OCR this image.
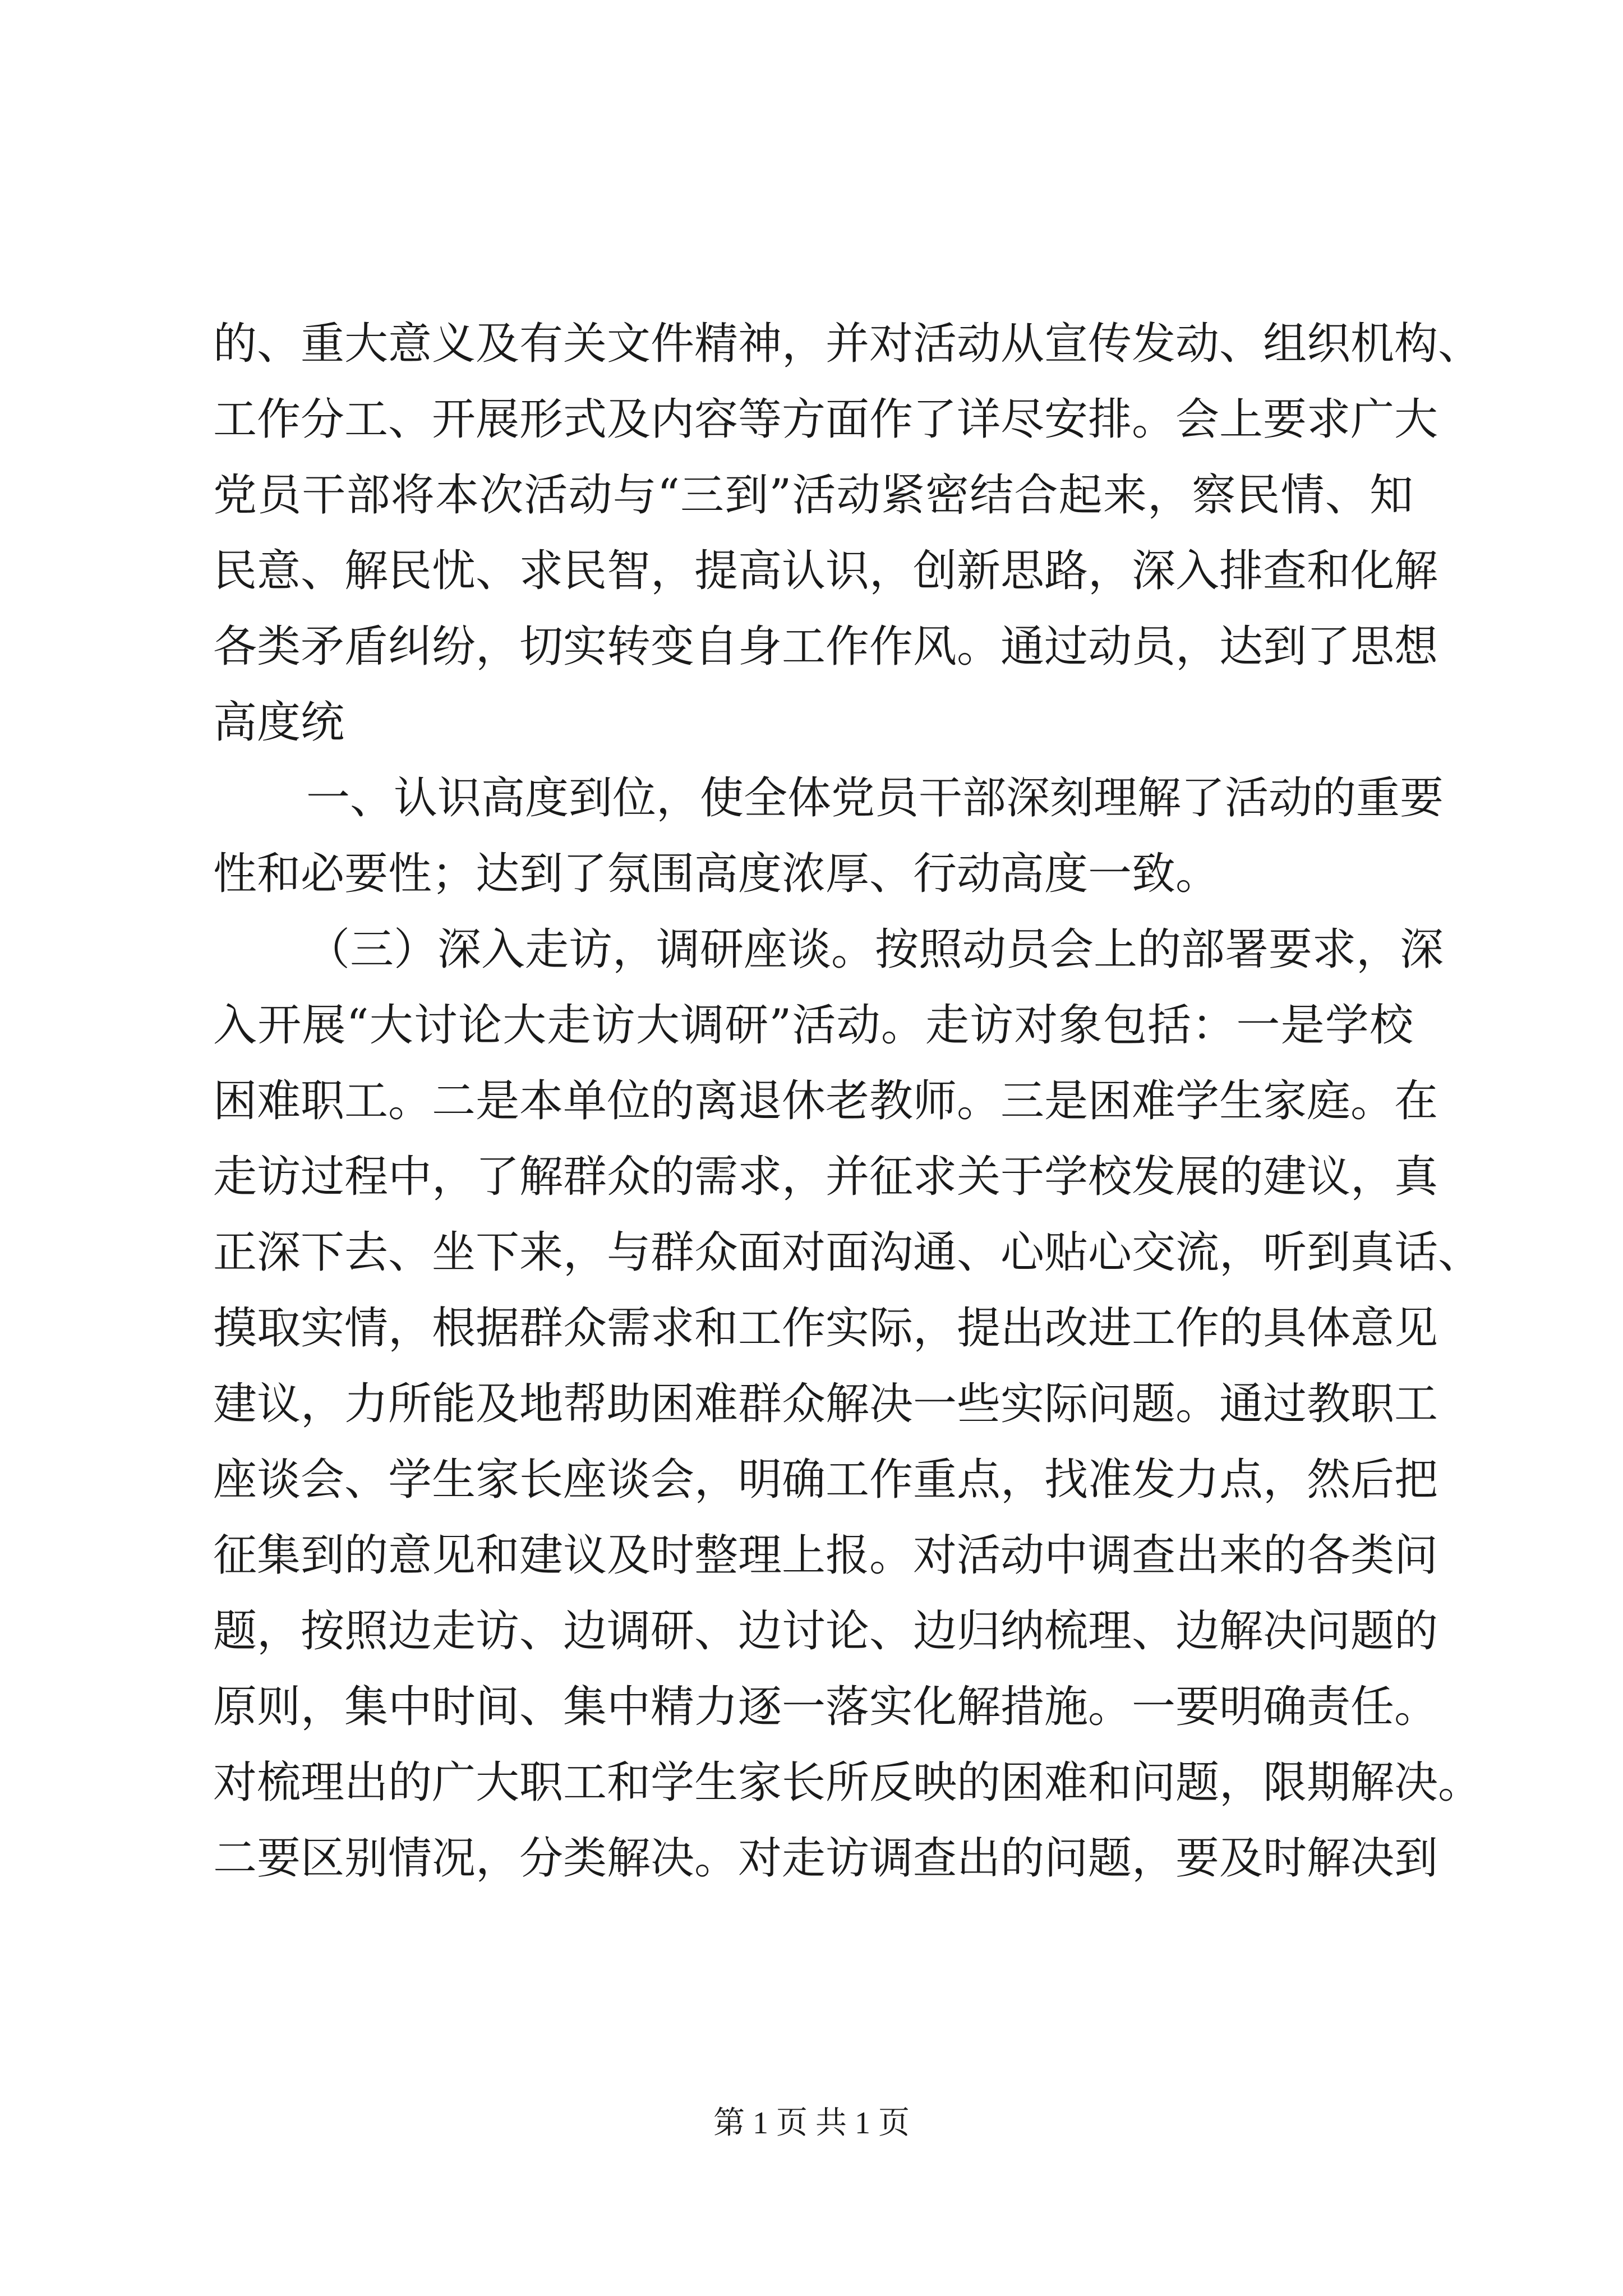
的、重大意义及有关文件精神，并对活动从宣传发动、组织机构、
工作分工、开展形式及内容等方面作了详尽安排。会上要求广大
党员干部将本次活动与“三到”活动紧密结合起来，察民情、知
民意、解民忧、求民智，提高认识，创新思路，深入排查和化解
各类矛盾纠纷，切实转变自身工作作风。通过动员，达到了思想
高度统
一、认识高度到位，使全体党员干部深刻理解了活动的重要
性和必要性；达到了氛围高度浓厚、行动高度一致。
（三）深入走访，调研座谈。按照动员会上的部署要求，深
入开展“大讨论大走访大调研”活动。走访对象包括：一是学校
困难职工。二是本单位的离退休老教师。三是困难学生家庭。在
走访过程中，了解群众的需求，并征求关于学校发展的建议，真
正深下去、坐下来，与群众面对面沟通、心贴心交流，听到真话、
摸取实情，根据群众需求和工作实际，提出改进工作的具体意见
建议，力所能及地帮助困难群众解决一些实际问题。通过教职工
座谈会、学生家长座谈会，明确工作重点，找准发力点，然后把
征集到的意见和建议及时整理上报。对活动中调查出来的各类问
题，按照边走访、边调研、边讨论、边归纳梳理、边解决问题的
原则，集中时间、集中精力逐一落实化解措施。一要明确责任。
对梳理出的广大职工和学生家长所反映的困难和问题，限期解决。
二要区别情况，分类解决。对走访调查出的问题，要及时解决到
第 1 页 共 1 页
